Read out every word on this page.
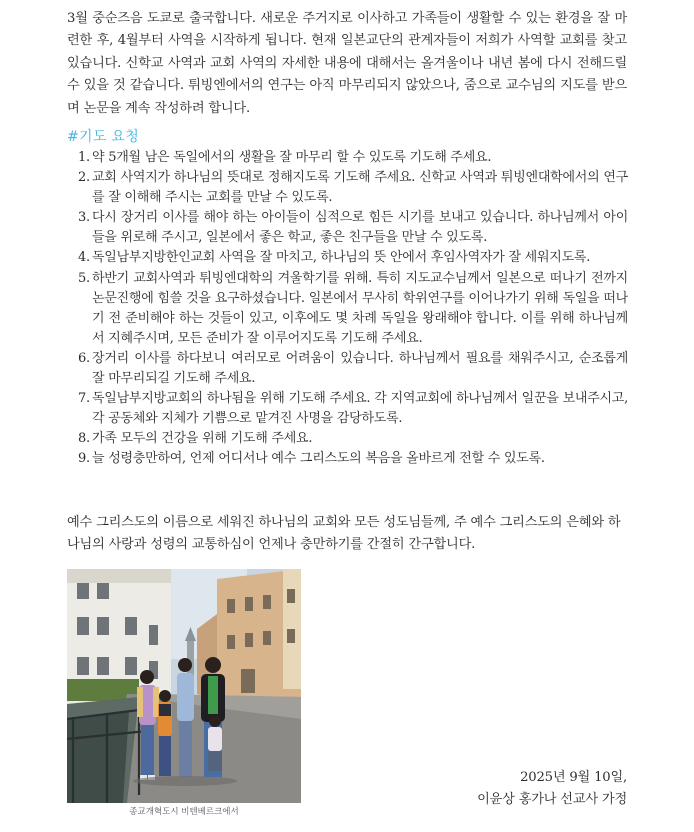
3월 중순즈음 도쿄로 출국합니다. 새로운 주거지로 이사하고 가족들이 생활할 수 있는 환경을 잘 마련한 후, 4월부터 사역을 시작하게 됩니다. 현재 일본교단의 관계자들이 저희가 사역할 교회를 찾고 있습니다. 신학교 사역과 교회 사역의 자세한 내용에 대해서는 올겨울이나 내년 봄에 다시 전해드릴 수 있을 것 같습니다. 튀빙엔에서의 연구는 아직 마무리되지 않았으나, 줌으로 교수님의 지도를 받으며 논문을 계속 작성하려 합니다.

#기도 요청
1. 약 5개월 남은 독일에서의 생활을 잘 마무리 할 수 있도록 기도해 주세요.
2. 교회 사역지가 하나님의 뜻대로 정해지도록 기도해 주세요. 신학교 사역과 튀빙엔대학에서의 연구를 잘 이해해 주시는 교회를 만날 수 있도록.
3. 다시 장거리 이사를 해야 하는 아이들이 심적으로 힘든 시기를 보내고 있습니다. 하나님께서 아이들을 위로해 주시고, 일본에서 좋은 학교, 좋은 친구들을 만날 수 있도록.
4. 독일남부지방한인교회 사역을 잘 마치고, 하나님의 뜻 안에서 후임사역자가 잘 세워지도록.
5. 하반기 교회사역과 튀빙엔대학의 겨울학기를 위해. 특히 지도교수님께서 일본으로 떠나기 전까지 논문진행에 힘쓸 것을 요구하셨습니다. 일본에서 무사히 학위연구를 이어나가기 위해 독일을 떠나기 전 준비해야 하는 것들이 있고, 이후에도 몇 차례 독일을 왕래해야 합니다. 이를 위해 하나님께서 지혜주시며, 모든 준비가 잘 이루어지도록 기도해 주세요.
6. 장거리 이사를 하다보니 여러모로 어려움이 있습니다. 하나님께서 필요를 채워주시고, 순조롭게 잘 마무리되길 기도해 주세요.
7. 독일남부지방교회의 하나됨을 위해 기도해 주세요. 각 지역교회에 하나님께서 일꾼을 보내주시고, 각 공동체와 지체가 기쁨으로 맡겨진 사명을 감당하도록.
8. 가족 모두의 건강을 위해 기도해 주세요.
9. 늘 성령충만하여, 언제 어디서나 예수 그리스도의 복음을 올바르게 전할 수 있도록.

예수 그리스도의 이름으로 세워진 하나님의 교회와 모든 성도님들께, 주 예수 그리스도의 은혜와 하나님의 사랑과 성령의 교통하심이 언제나 충만하기를 간절히 간구합니다.

종교개혁도시 비텐베르크에서
2025년 9월 10일,
이윤상 홍가나 선교사 가정
